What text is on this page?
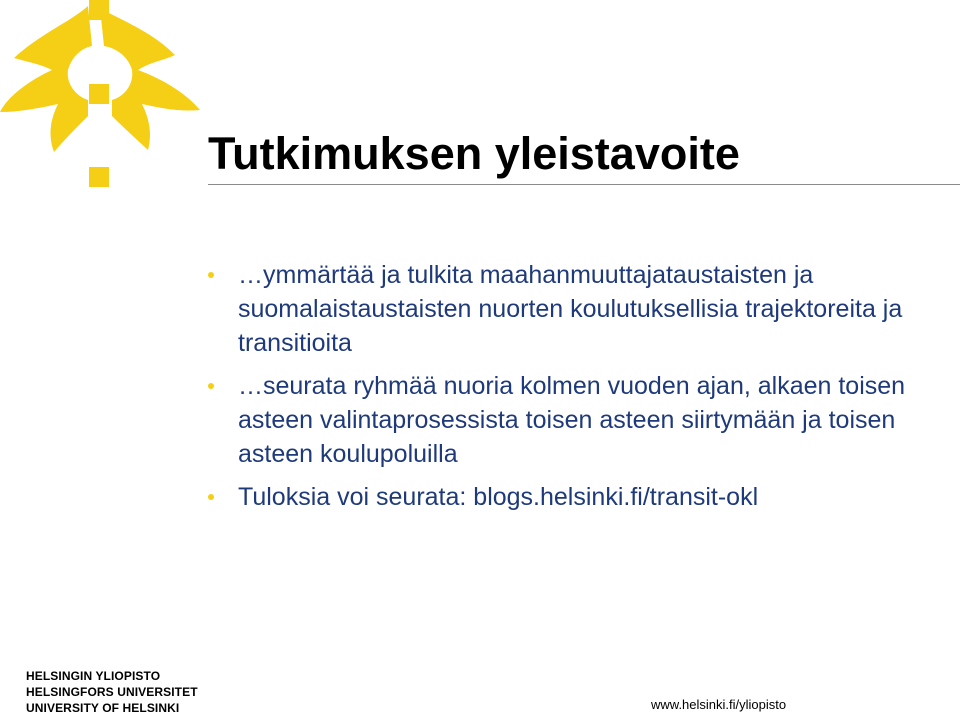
Tutkimuksen yleistavoite
…ymmärtää ja tulkita maahanmuuttajataustaisten ja suomalaistaustaisten nuorten koulutuksellisia trajektoreita ja transitioita
…seurata ryhmää nuoria kolmen vuoden ajan, alkaen toisen asteen valintaprosessista toisen asteen siirtymään ja toisen asteen koulupoluilla
Tuloksia voi seurata: blogs.helsinki.fi/transit-okl
HELSINGIN YLIOPISTO
HELSINGFORS UNIVERSITET
UNIVERSITY OF HELSINKI	www.helsinki.fi/yliopisto
